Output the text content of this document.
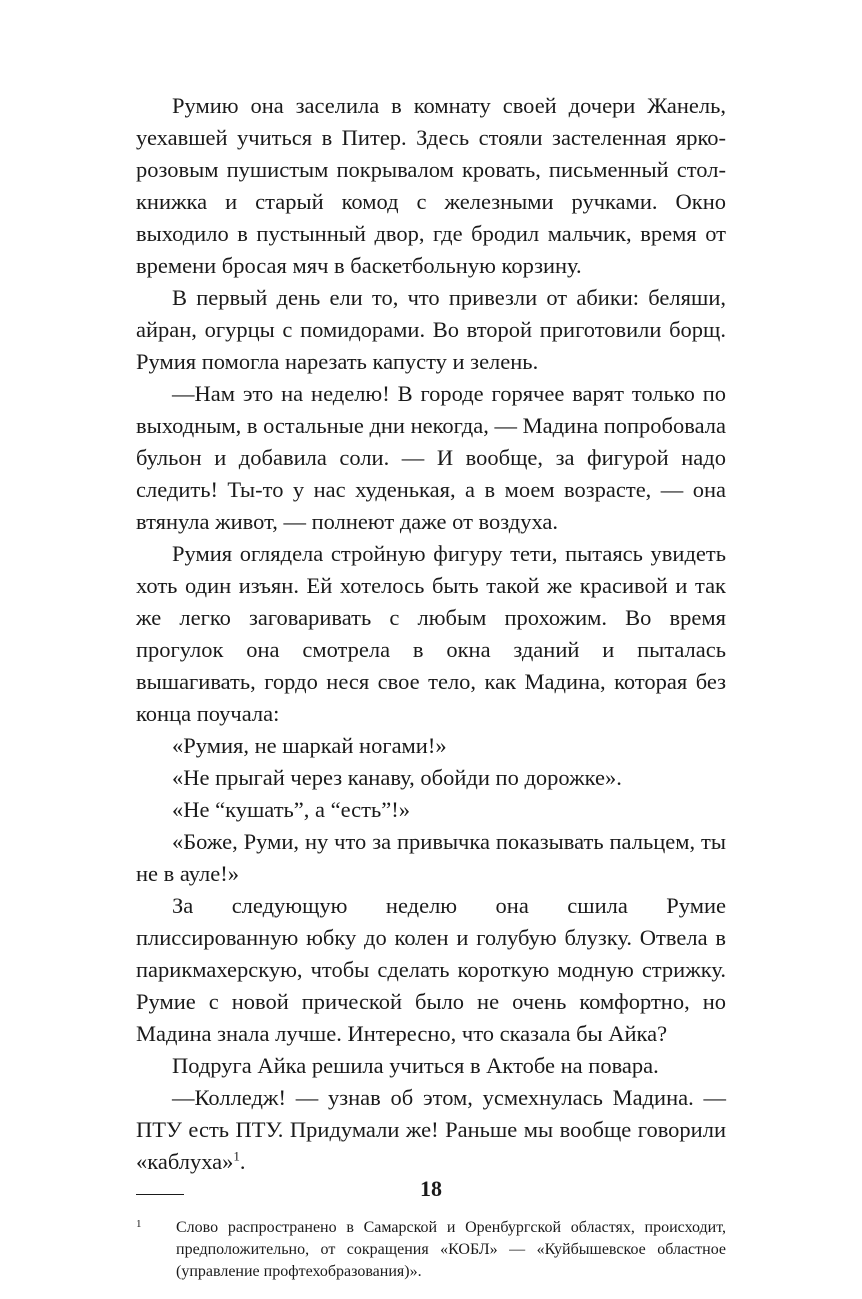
Румию она заселила в комнату своей дочери Жанель, уехавшей учиться в Питер. Здесь стояли застеленная ярко-розовым пушистым покрывалом кровать, письменный стол-книжка и старый комод с железными ручками. Окно выходило в пустынный двор, где бродил мальчик, время от времени бросая мяч в баскетбольную корзину.

В первый день ели то, что привезли от абики: беляши, айран, огурцы с помидорами. Во второй приготовили борщ. Румия помогла нарезать капусту и зелень.

—Нам это на неделю! В городе горячее варят только по выходным, в остальные дни некогда, — Мадина попробовала бульон и добавила соли. — И вообще, за фигурой надо следить! Ты-то у нас худенькая, а в моем возрасте, — она втянула живот, — полнеют даже от воздуха.

Румия оглядела стройную фигуру тети, пытаясь увидеть хоть один изъян. Ей хотелось быть такой же красивой и так же легко заговаривать с любым прохожим. Во время прогулок она смотрела в окна зданий и пыталась вышагивать, гордо неся свое тело, как Мадина, которая без конца поучала:

«Румия, не шаркай ногами!»

«Не прыгай через канаву, обойди по дорожке».

«Не “кушать”, а “есть”!»

«Боже, Руми, ну что за привычка показывать пальцем, ты не в ауле!»

За следующую неделю она сшила Румие плиссированную юбку до колен и голубую блузку. Отвела в парикмахерскую, чтобы сделать короткую модную стрижку. Румие с новой прической было не очень комфортно, но Мадина знала лучше. Интересно, что сказала бы Айка?

Подруга Айка решила учиться в Актобе на повара.

—Колледж! — узнав об этом, усмехнулась Мадина. — ПТУ есть ПТУ. Придумали же! Раньше мы вообще говорили «каблуха»$^1$.

1 Слово распространено в Самарской и Оренбургской областях, происходит, предположительно, от сокращения «КОБЛ» — «Куйбышевское областное (управление профтехобразования)».
18
